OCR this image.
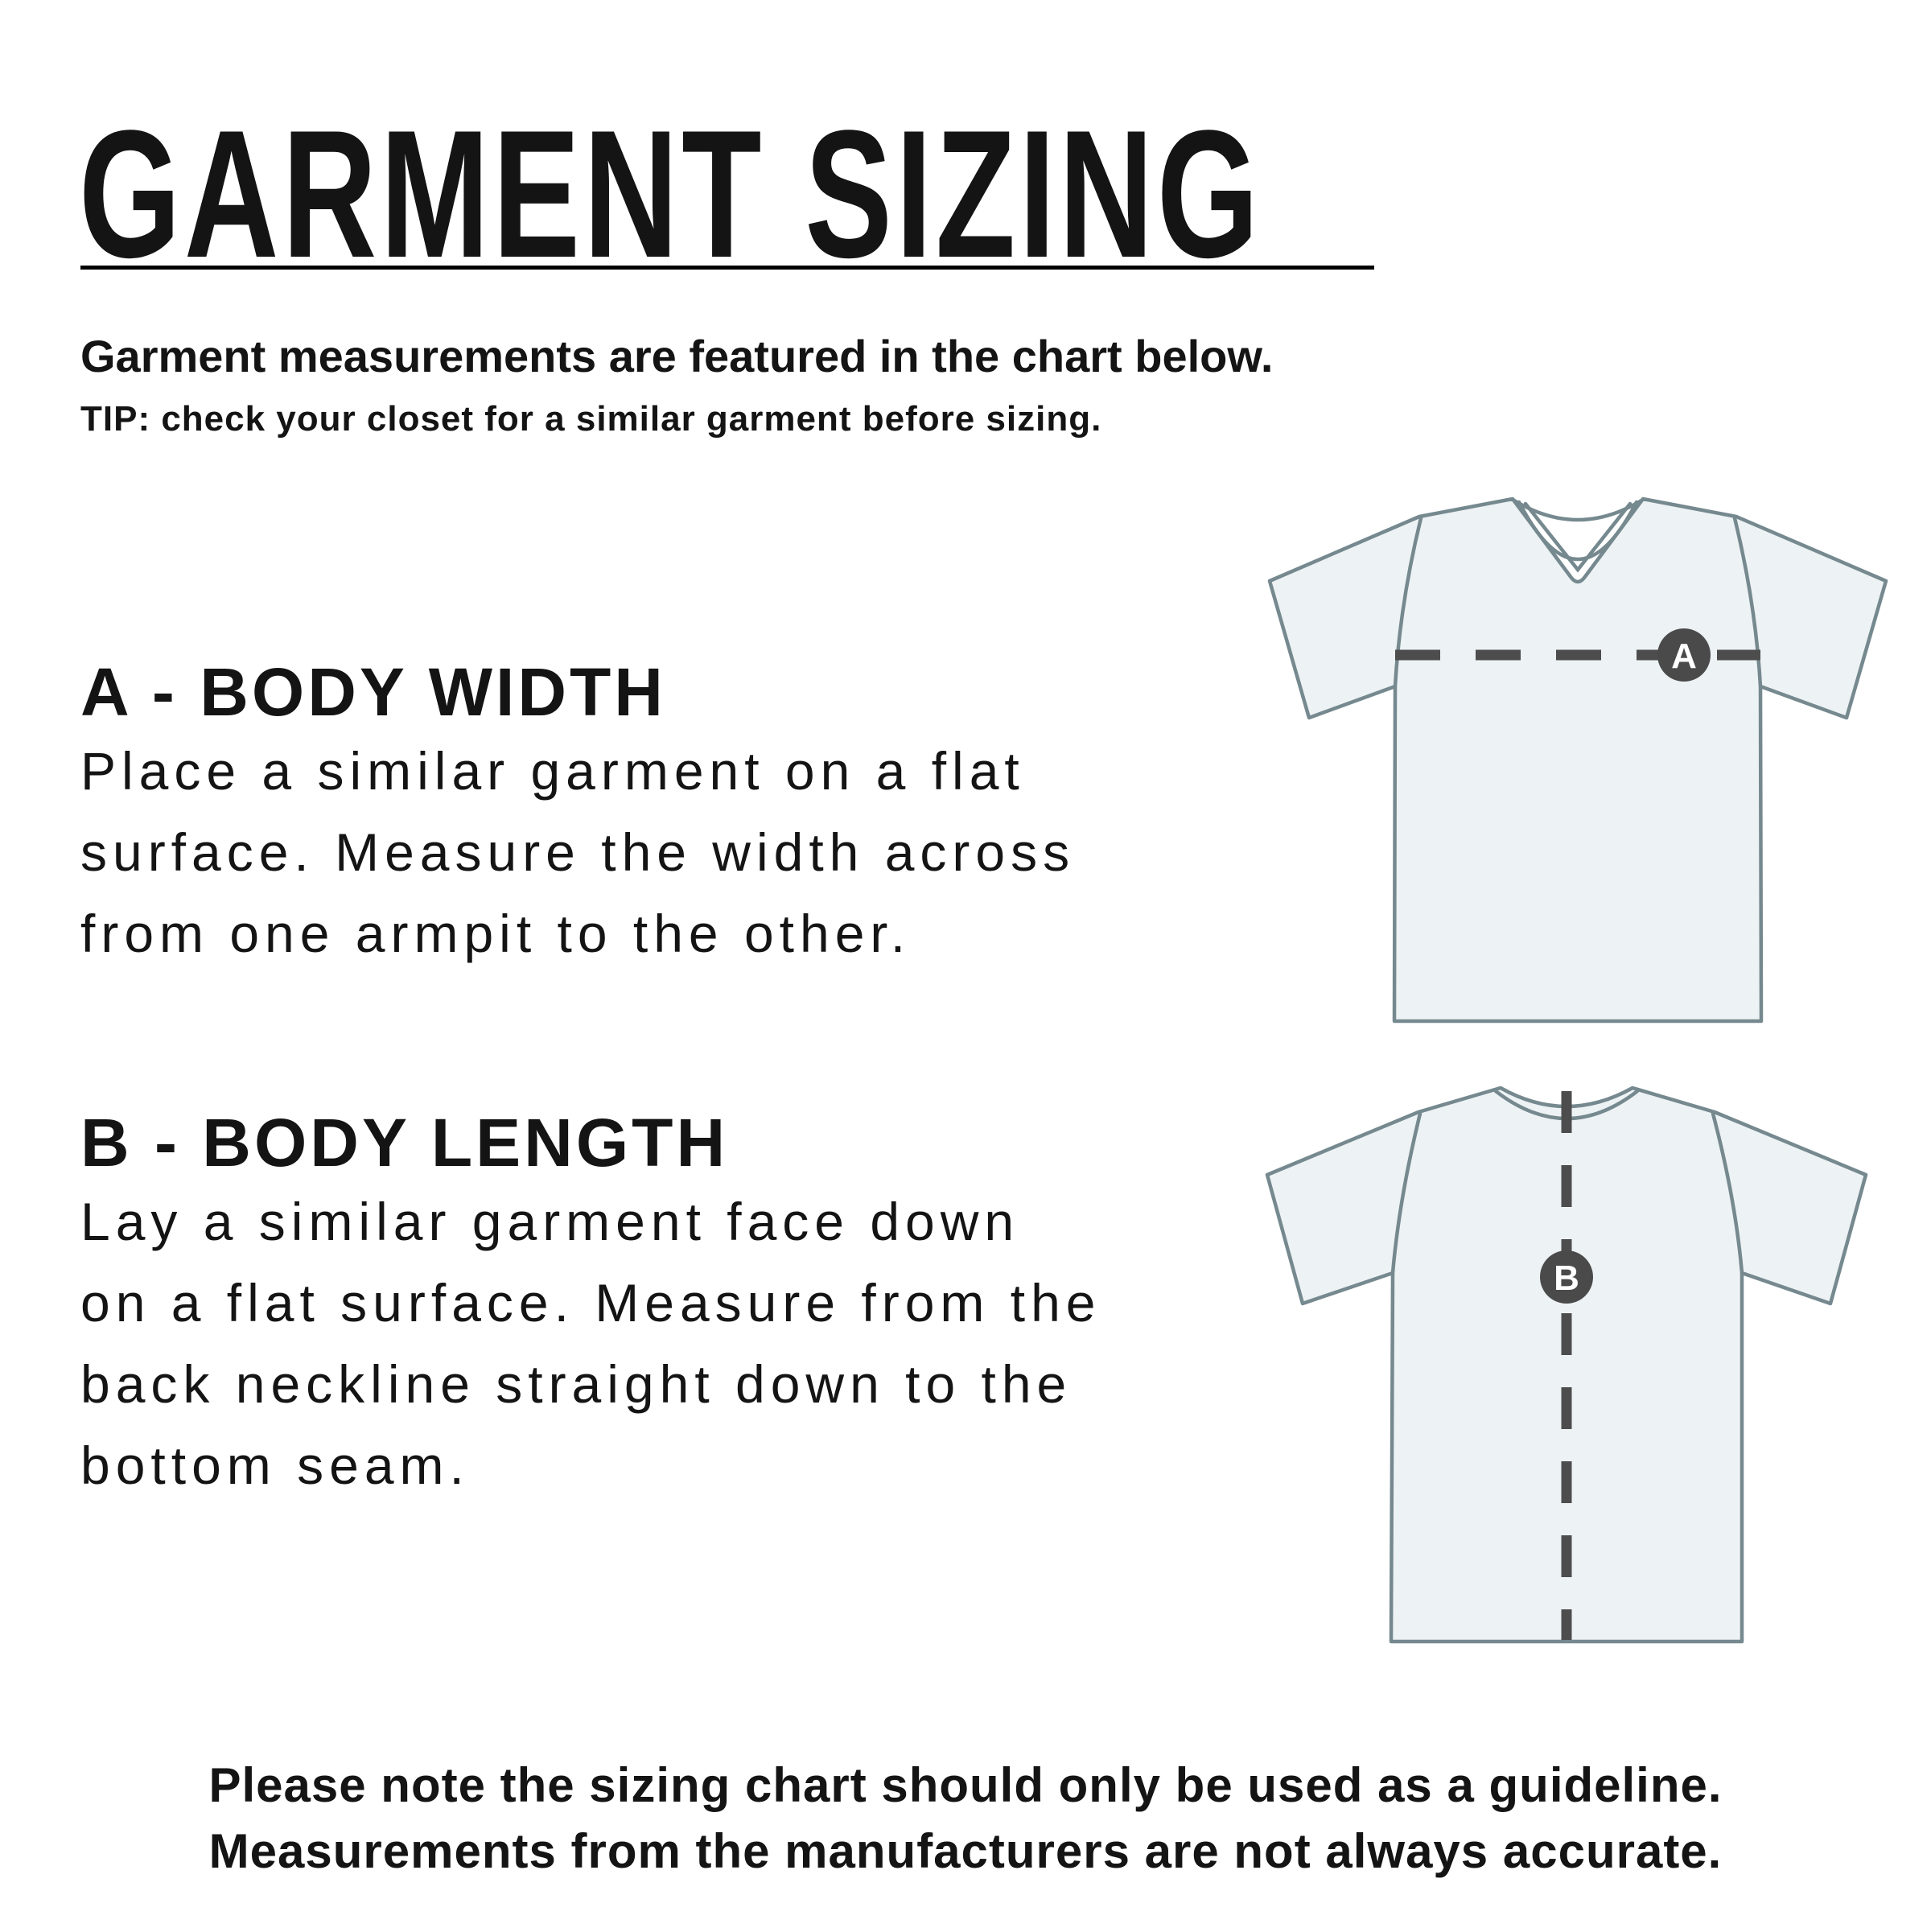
GARMENT SIZING
Garment measurements are featured in the chart below.
TIP: check your closet for a similar garment before sizing.
A - BODY WIDTH
Place a similar garment on a flat
surface. Measure the width across
from one armpit to the other.
A
B - BODY LENGTH
Lay a similar garment face down
on a flat surface. Measure from the
back neckline straight down to the
bottom seam.
B
Please note the sizing chart should only be used as a guideline.
Measurements from the manufacturers are not always accurate.
